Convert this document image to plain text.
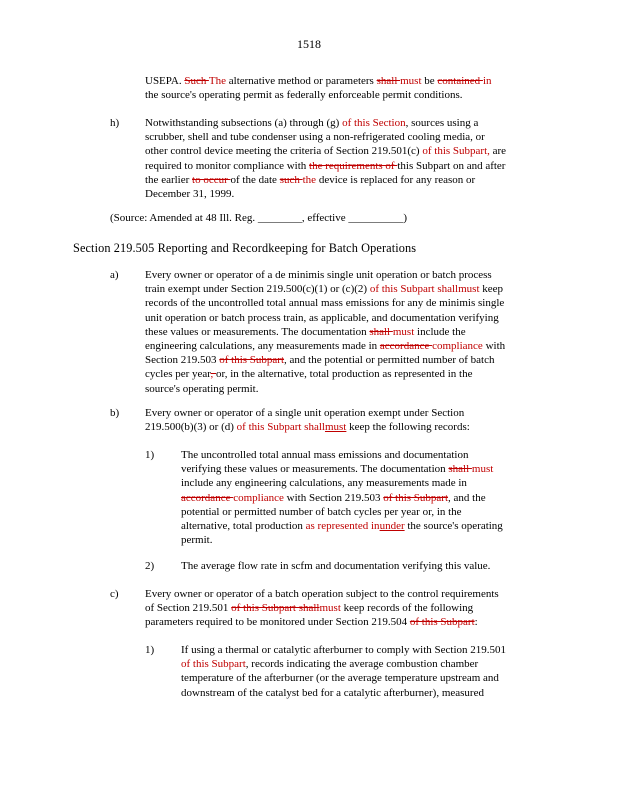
1518
USEPA. Such The alternative method or parameters shall must be contained in
the source's operating permit as federally enforceable permit conditions.
h) Notwithstanding subsections (a) through (g) of this Section, sources using a
scrubber, shell and tube condenser using a non-refrigerated cooling media, or
other control device meeting the criteria of Section 219.501(c) of this Subpart, are
required to monitor compliance with the requirements of this Subpart on and after
the earlier to occur of the date such the device is replaced for any reason or
December 31, 1999.
(Source: Amended at 48 Ill. Reg. ________, effective __________)
Section 219.505 Reporting and Recordkeeping for Batch Operations
a) Every owner or operator of a de minimis single unit operation or batch process
train exempt under Section 219.500(c)(1) or (c)(2) of this Subpart shallmust keep
records of the uncontrolled total annual mass emissions for any de minimis single
unit operation or batch process train, as applicable, and documentation verifying
these values or measurements. The documentation shall must include the
engineering calculations, any measurements made in accordance compliance with
Section 219.503 of this Subpart, and the potential or permitted number of batch
cycles per year, or, in the alternative, total production as represented in the
source's operating permit.
b) Every owner or operator of a single unit operation exempt under Section
219.500(b)(3) or (d) of this Subpart shallmust keep the following records:
1) The uncontrolled total annual mass emissions and documentation
verifying these values or measurements. The documentation shall must
include any engineering calculations, any measurements made in
accordance compliance with Section 219.503 of this Subpart, and the
potential or permitted number of batch cycles per year or, in the
alternative, total production as represented inunder the source's operating
permit.
2) The average flow rate in scfm and documentation verifying this value.
c) Every owner or operator of a batch operation subject to the control requirements
of Section 219.501 of this Subpart shallmust keep records of the following
parameters required to be monitored under Section 219.504 of this Subpart:
1) If using a thermal or catalytic afterburner to comply with Section 219.501
of this Subpart, records indicating the average combustion chamber
temperature of the afterburner (or the average temperature upstream and
downstream of the catalyst bed for a catalytic afterburner), measured
